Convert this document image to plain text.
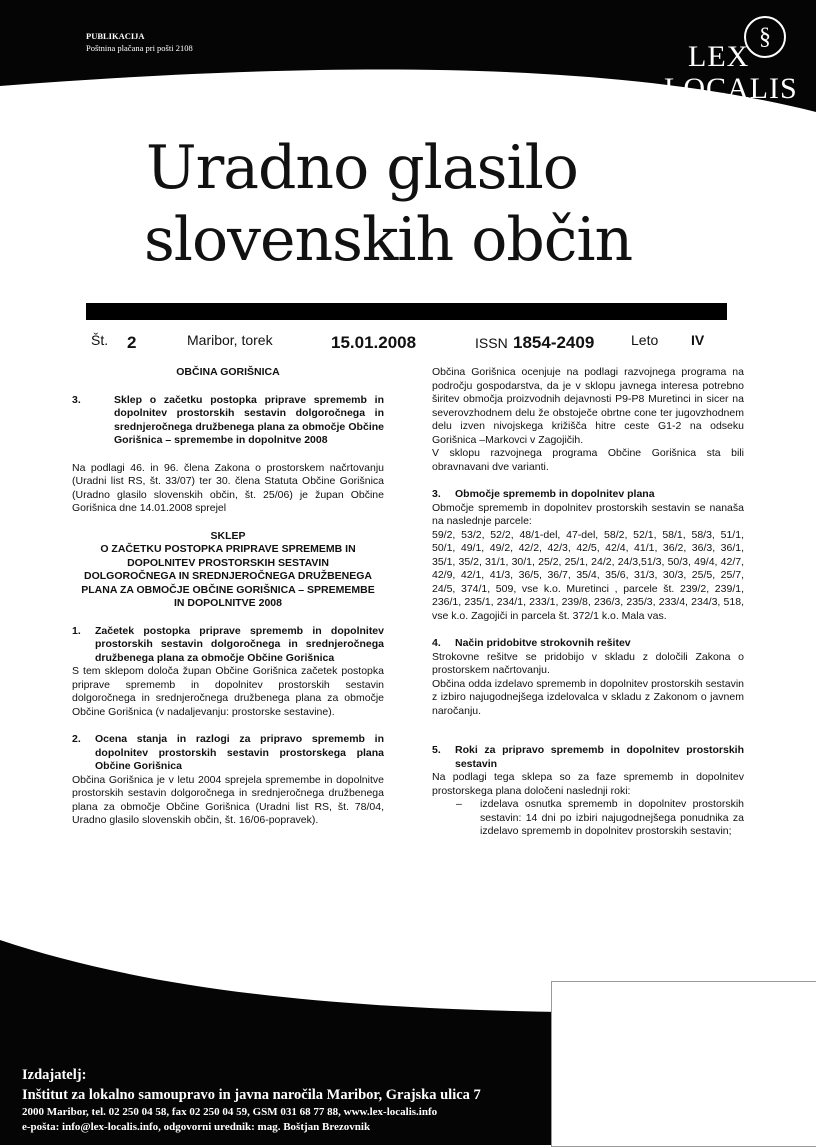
PUBLIKACIJA
Poštnina plačana pri pošti 2108	§
LEX
LOCALIS
Uradno glasilo
slovenskih občin
Št. 2	Maribor, torek	15.01.2008	ISSN 1854-2409	Leto IV

OBČINA GORIŠNICA

3.	Sklep o začetku postopka priprave sprememb in dopolnitev prostorskih sestavin dolgoročnega in srednjeročnega družbenega plana za območje Občine Gorišnica – spremembe in dopolnitve 2008

Na podlagi 46. in 96. člena Zakona o prostorskem načrtovanju (Uradni list RS, št. 33/07) ter 30. člena Statuta Občine Gorišnica (Uradno glasilo slovenskih občin, št. 25/06) je župan Občine Gorišnica dne 14.01.2008 sprejel

SKLEP

O ZAČETKU POSTOPKA PRIPRAVE SPREMEMB IN DOPOLNITEV PROSTORSKIH SESTAVIN DOLGOROČNEGA IN SREDNJEROČNEGA DRUŽBENEGA PLANA ZA OBMOČJE OBČINE GORIŠNICA – SPREMEMBE IN DOPOLNITVE 2008

1.	Začetek postopka priprave sprememb in dopolnitev prostorskih sestavin dolgoročnega in srednjeročnega družbenega plana za območje Občine Gorišnica

S tem sklepom določa župan Občine Gorišnica začetek postopka priprave sprememb in dopolnitev prostorskih sestavin dolgoročnega in srednjeročnega družbenega plana za območje Občine Gorišnica (v nadaljevanju: prostorske sestavine).

2.	Ocena stanja in razlogi za pripravo sprememb in dopolnitev prostorskih sestavin prostorskega plana Občine Gorišnica

Občina Gorišnica je v letu 2004 sprejela spremembe in dopolnitve prostorskih sestavin dolgoročnega in srednjeročnega družbenega plana za območje Občine Gorišnica (Uradni list RS, št. 78/04, Uradno glasilo slovenskih občin, št. 16/06-popravek).

Občina Gorišnica ocenjuje na podlagi razvojnega programa na področju gospodarstva, da je v sklopu javnega interesa potrebno širitev območja proizvodnih dejavnosti P9-P8 Muretinci in sicer na severovzhodnem delu že obstoječe obrtne cone ter jugovzhodnem delu izven nivojskega križišča hitre ceste G1-2 na odseku Gorišnica –Markovci v Zagojičih.

V sklopu razvojnega programa Občine Gorišnica sta bili obravnavani dve varianti.

3.	Območje sprememb in dopolnitev plana

Območje sprememb in dopolnitev prostorskih sestavin se nanaša na naslednje parcele:

59/2, 53/2, 52/2, 48/1-del, 47-del, 58/2, 52/1, 58/1, 58/3, 51/1, 50/1, 49/1, 49/2, 42/2, 42/3, 42/5, 42/4, 41/1, 36/2, 36/3, 36/1, 35/1, 35/2, 31/1, 30/1, 25/2, 25/1, 24/2, 24/3,51/3, 50/3, 49/4, 42/7, 42/9, 42/1, 41/3, 36/5, 36/7, 35/4, 35/6, 31/3, 30/3, 25/5, 25/7, 24/5, 374/1, 509, vse k.o. Muretinci , parcele št. 239/2, 239/1, 236/1, 235/1, 234/1, 233/1, 239/8, 236/3, 235/3, 233/4, 234/3, 518, vse k.o. Zagojiči in parcela št. 372/1 k.o. Mala vas.

4.	Način pridobitve strokovnih rešitev

Strokovne rešitve se pridobijo v skladu z določili Zakona o prostorskem načrtovanju.

Občina odda izdelavo sprememb in dopolnitev prostorskih sestavin z izbiro najugodnejšega izdelovalca v skladu z Zakonom o javnem naročanju.

5.	Roki za pripravo sprememb in dopolnitev prostorskih sestavin

Na podlagi tega sklepa so za faze sprememb in dopolnitev prostorskega plana določeni naslednji roki:

–	izdelava osnutka sprememb in dopolnitev prostorskih sestavin: 14 dni po izbiri najugodnejšega ponudnika za izdelavo sprememb in dopolnitev prostorskih sestavin;
Izdajatelj:
Inštitut za lokalno samoupravo in javna naročila Maribor, Grajska ulica 7
2000 Maribor, tel. 02 250 04 58, fax 02 250 04 59, GSM 031 68 77 88, www.lex-localis.info
e-pošta: info@lex-localis.info, odgovorni urednik: mag. Boštjan Brezovnik
